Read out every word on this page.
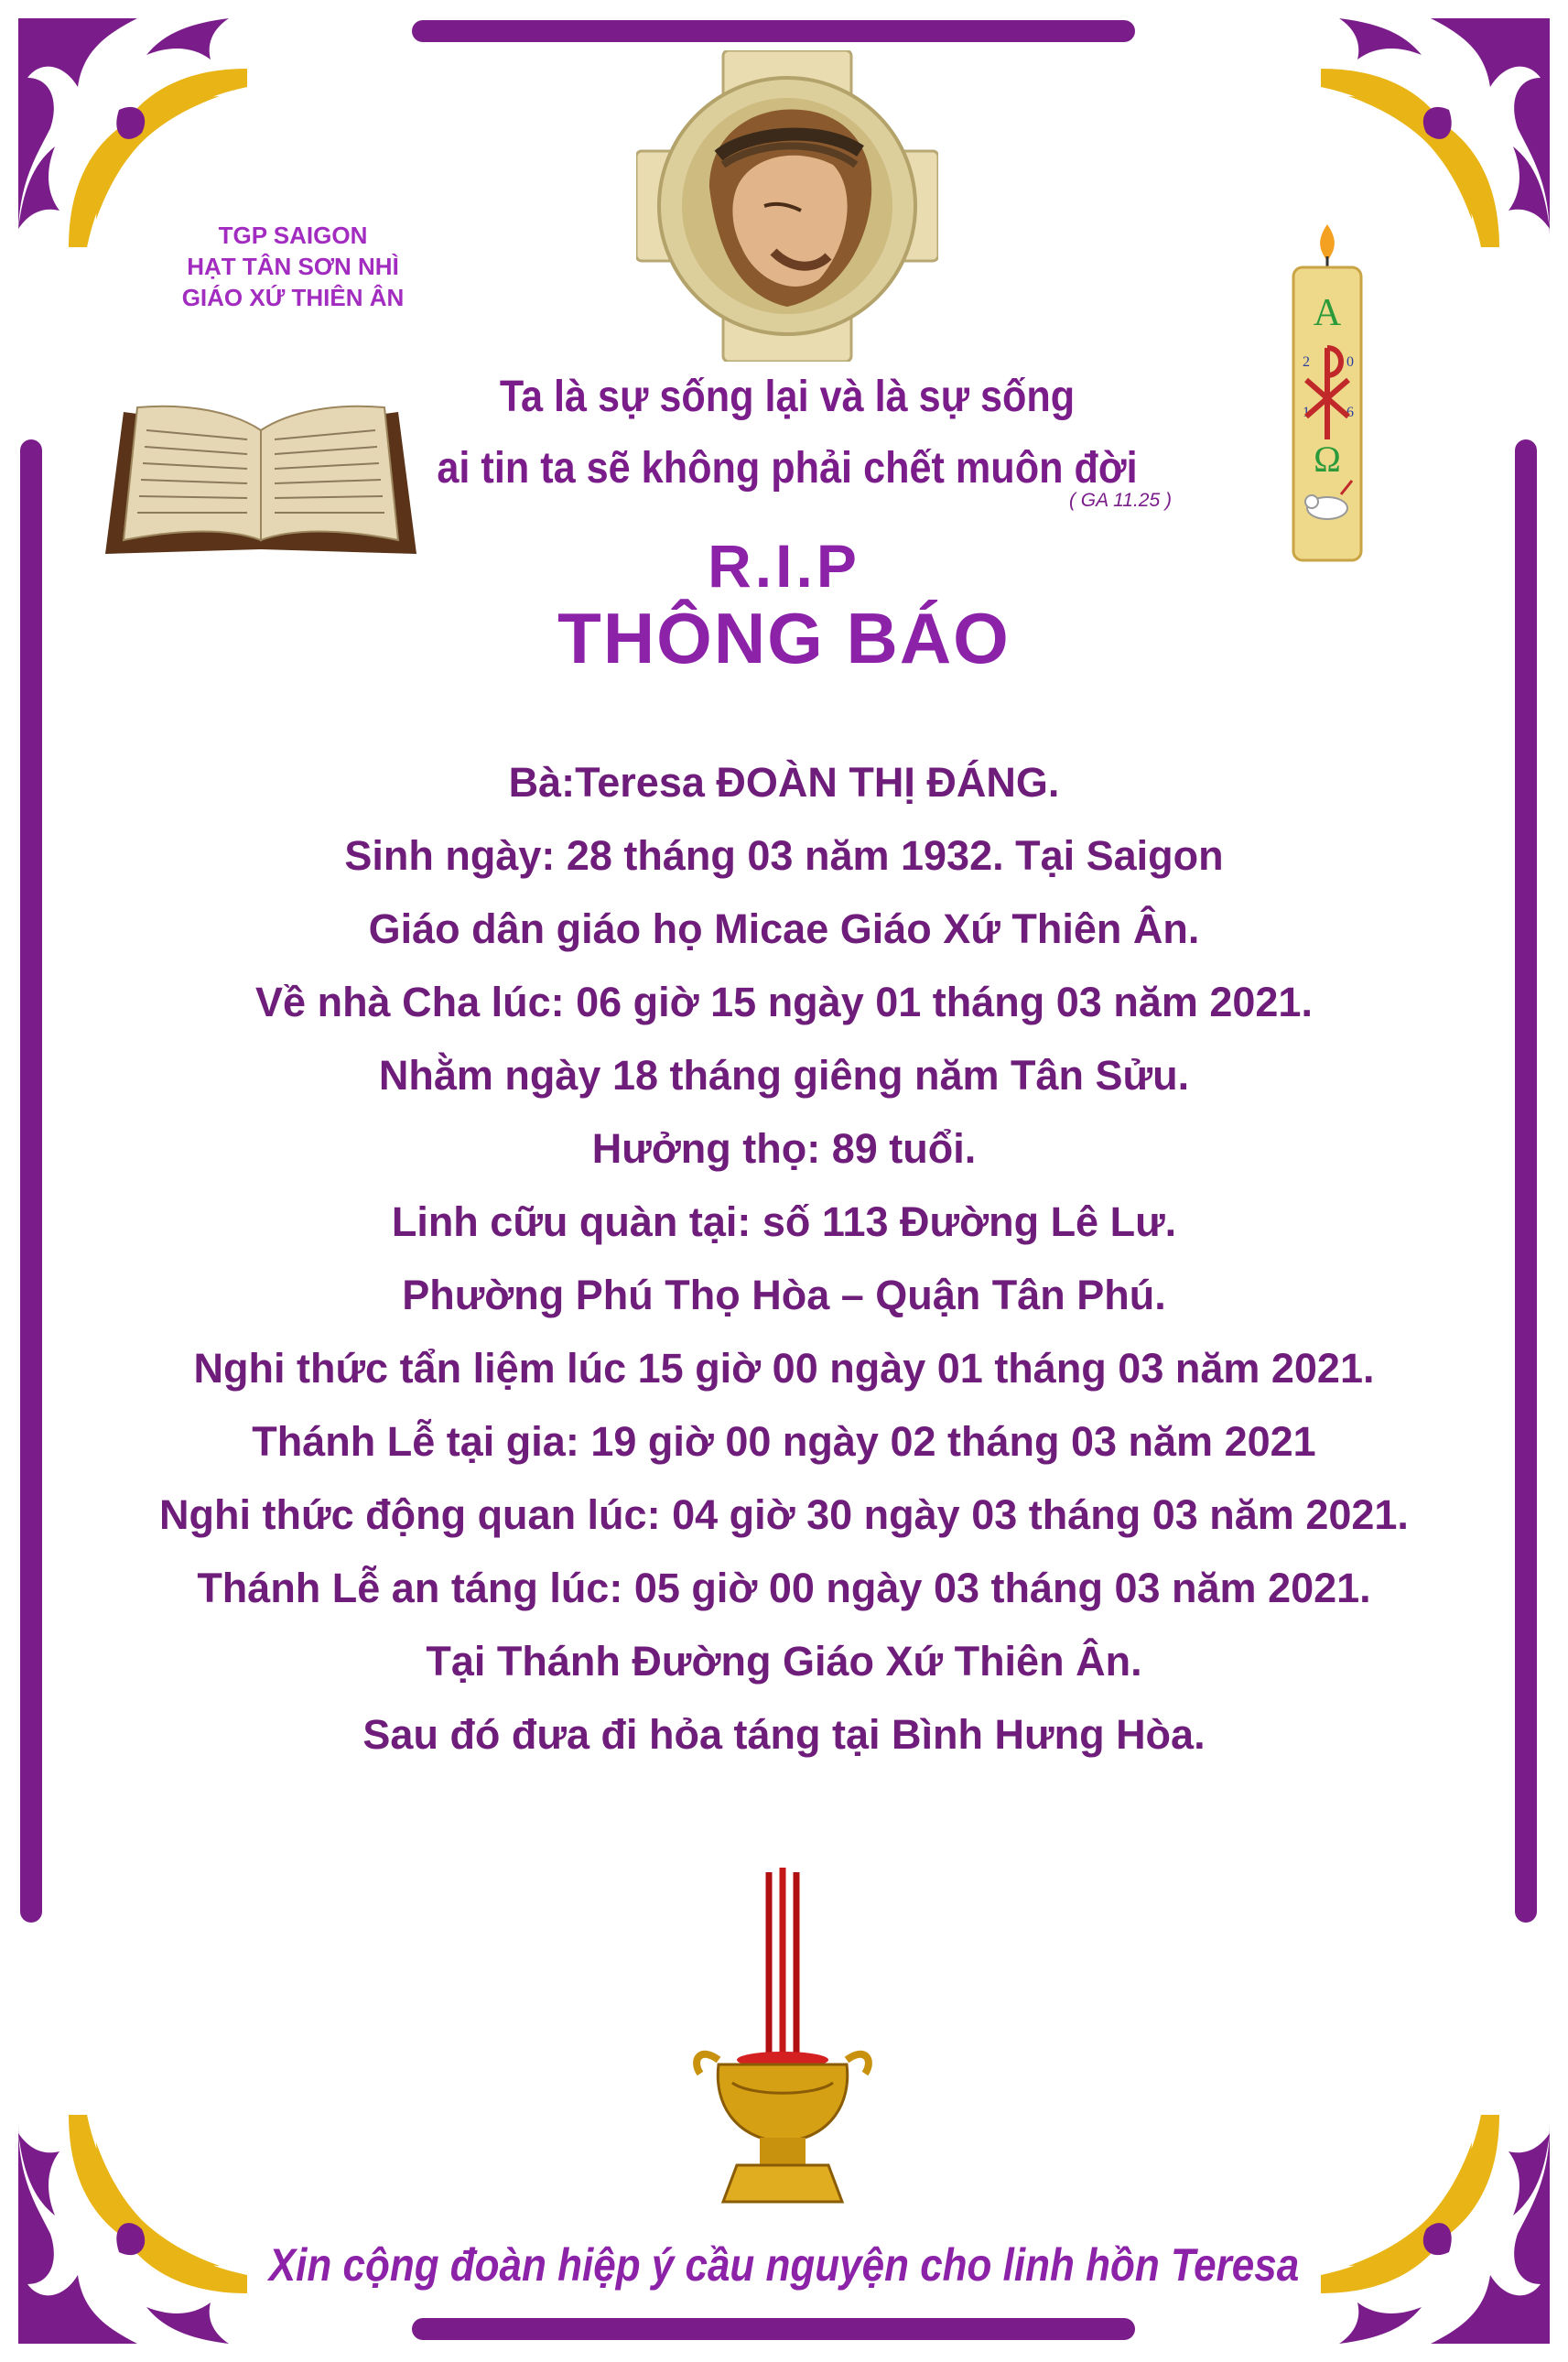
TGP SAIGON
HẠT TÂN SƠN NHÌ
GIÁO XỨ THIÊN ÂN	A
2	0
1	6
Ω
Ta là sự sống lại và là sự sống
ai tin ta sẽ không phải chết muôn đời
( GA 11.25 )
R.I.P
THÔNG BÁO
Bà:Teresa ĐOÀN THỊ ĐÁNG.
Sinh ngày: 28 tháng 03 năm 1932. Tại Saigon
Giáo dân giáo họ Micae Giáo Xứ Thiên Ân.
Về nhà Cha lúc: 06 giờ 15 ngày 01 tháng 03 năm 2021.
Nhằm ngày 18 tháng giêng năm Tân Sửu.
Hưởng thọ: 89 tuổi.
Linh cữu quàn tại: số 113 Đường Lê Lư.
Phường Phú Thọ Hòa – Quận Tân Phú.
Nghi thức tẩn liệm lúc 15 giờ 00 ngày 01 tháng 03 năm 2021.
Thánh Lễ tại gia: 19 giờ 00 ngày 02 tháng 03 năm 2021
Nghi thức động quan lúc: 04 giờ 30 ngày 03 tháng 03 năm 2021.
Thánh Lễ an táng lúc: 05 giờ 00 ngày 03 tháng 03 năm 2021.
Tại Thánh Đường Giáo Xứ Thiên Ân.
Sau đó đưa đi hỏa táng tại Bình Hưng Hòa.
Xin cộng đoàn hiệp ý cầu nguyện cho linh hồn Teresa
